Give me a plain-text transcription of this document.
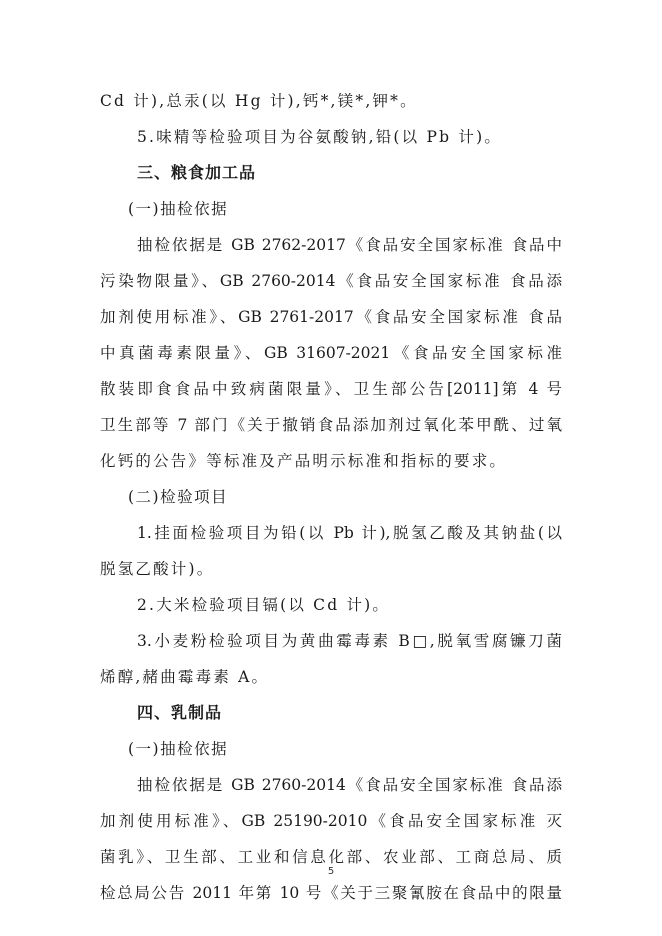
Cd 计),总汞(以 Hg 计),钙*,镁*,钾*。
5.味精等检验项目为谷氨酸钠,铅(以 Pb 计)。
三、粮食加工品
(一)抽检依据
抽检依据是 GB 2762-2017《食品安全国家标准 食品中
污染物限量》、GB 2760-2014《食品安全国家标准 食品添
加剂使用标准》、GB 2761-2017《食品安全国家标准 食品
中真菌毒素限量》、GB 31607-2021《食品安全国家标准
散装即食食品中致病菌限量》、卫生部公告[2011]第 4 号
卫生部等 7 部门《关于撤销食品添加剂过氧化苯甲酰、过氧
化钙的公告》等标准及产品明示标准和指标的要求。
(二)检验项目
1.挂面检验项目为铅(以 Pb 计),脱氢乙酸及其钠盐(以
脱氢乙酸计)。
2.大米检验项目镉(以 Cd 计)。
3.小麦粉检验项目为黄曲霉毒素 B□,脱氧雪腐镰刀菌
烯醇,赭曲霉毒素 A。
四、乳制品
(一)抽检依据
抽检依据是 GB 2760-2014《食品安全国家标准 食品添
加剂使用标准》、GB 25190-2010《食品安全国家标准 灭
菌乳》、卫生部、工业和信息化部、农业部、工商总局、质
检总局公告 2011 年第 10 号《关于三聚氰胺在食品中的限量
5
